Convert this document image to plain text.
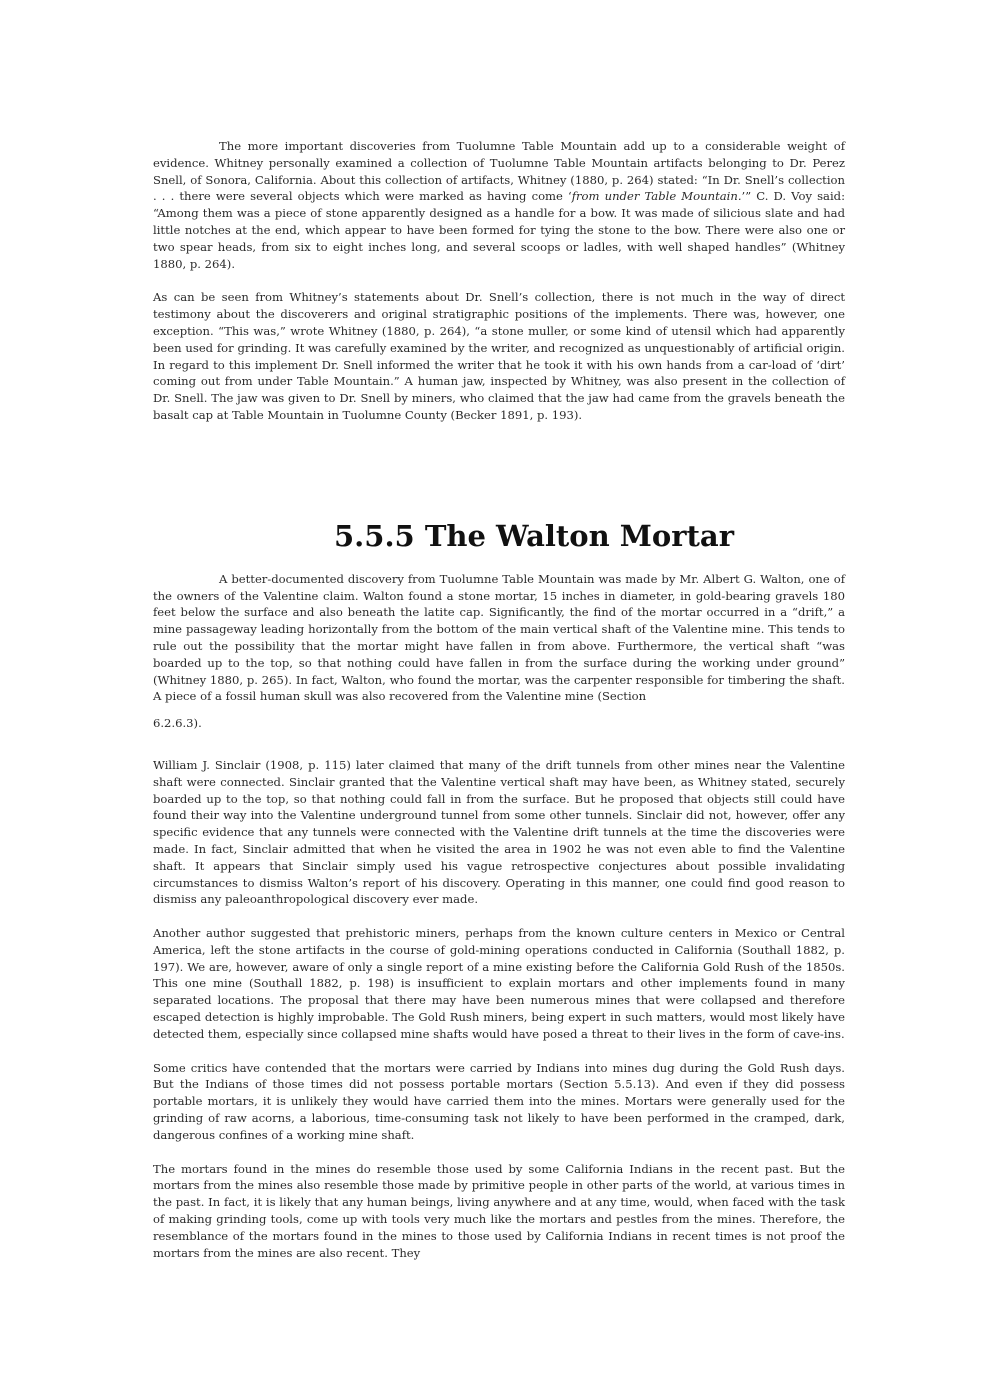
The more important discoveries from Tuolumne Table Mountain add up to a considerable weight of evidence. Whitney personally examined a collection of Tuolumne Table Mountain artifacts belonging to Dr. Perez Snell, of Sonora, California. About this collection of artifacts, Whitney (1880, p. 264) stated: “In Dr. Snell’s collection . . . there were several objects which were marked as having come ‘from under Table Mountain.’” C. D. Voy said: “Among them was a piece of stone apparently designed as a handle for a bow. It was made of silicious slate and had little notches at the end, which appear to have been formed for tying the stone to the bow. There were also one or two spear heads, from six to eight inches long, and several scoops or ladles, with well shaped handles” (Whitney 1880, p. 264).

As can be seen from Whitney’s statements about Dr. Snell’s collection, there is not much in the way of direct testimony about the discoverers and original stratigraphic positions of the implements. There was, however, one exception. “This was,” wrote Whitney (1880, p. 264), “a stone muller, or some kind of utensil which had apparently been used for grinding. It was carefully examined by the writer, and recognized as unquestionably of artificial origin. In regard to this implement Dr. Snell informed the writer that he took it with his own hands from a car-load of ‘dirt’ coming out from under Table Mountain.” A human jaw, inspected by Whitney, was also present in the collection of Dr. Snell. The jaw was given to Dr. Snell by miners, who claimed that the jaw had came from the gravels beneath the basalt cap at Table Mountain in Tuolumne County (Becker 1891, p. 193).

5.5.5 The Walton Mortar

A better-documented discovery from Tuolumne Table Mountain was made by Mr. Albert G. Walton, one of the owners of the Valentine claim. Walton found a stone mortar, 15 inches in diameter, in gold-bearing gravels 180 feet below the surface and also beneath the latite cap. Significantly, the find of the mortar occurred in a “drift,” a mine passageway leading horizontally from the bottom of the main vertical shaft of the Valentine mine. This tends to rule out the possibility that the mortar might have fallen in from above. Furthermore, the vertical shaft “was boarded up to the top, so that nothing could have fallen in from the surface during the working under ground” (Whitney 1880, p. 265). In fact, Walton, who found the mortar, was the carpenter responsible for timbering the shaft. A piece of a fossil human skull was also recovered from the Valentine mine (Section

6.2.6.3).

William J. Sinclair (1908, p. 115) later claimed that many of the drift tunnels from other mines near the Valentine shaft were connected. Sinclair granted that the Valentine vertical shaft may have been, as Whitney stated, securely boarded up to the top, so that nothing could fall in from the surface. But he proposed that objects still could have found their way into the Valentine underground tunnel from some other tunnels. Sinclair did not, however, offer any specific evidence that any tunnels were connected with the Valentine drift tunnels at the time the discoveries were made. In fact, Sinclair admitted that when he visited the area in 1902 he was not even able to find the Valentine shaft. It appears that Sinclair simply used his vague retrospective conjectures about possible invalidating circumstances to dismiss Walton’s report of his discovery. Operating in this manner, one could find good reason to dismiss any paleoanthropological discovery ever made.

Another author suggested that prehistoric miners, perhaps from the known culture centers in Mexico or Central America, left the stone artifacts in the course of gold-mining operations conducted in California (Southall 1882, p. 197). We are, however, aware of only a single report of a mine existing before the California Gold Rush of the 1850s. This one mine (Southall 1882, p. 198) is insufficient to explain mortars and other implements found in many separated locations. The proposal that there may have been numerous mines that were collapsed and therefore escaped detection is highly improbable. The Gold Rush miners, being expert in such matters, would most likely have detected them, especially since collapsed mine shafts would have posed a threat to their lives in the form of cave-ins.

Some critics have contended that the mortars were carried by Indians into mines dug during the Gold Rush days. But the Indians of those times did not possess portable mortars (Section 5.5.13). And even if they did possess portable mortars, it is unlikely they would have carried them into the mines. Mortars were generally used for the grinding of raw acorns, a laborious, time-consuming task not likely to have been performed in the cramped, dark, dangerous confines of a working mine shaft.

The mortars found in the mines do resemble those used by some California Indians in the recent past. But the mortars from the mines also resemble those made by primitive people in other parts of the world, at various times in the past. In fact, it is likely that any human beings, living anywhere and at any time, would, when faced with the task of making grinding tools, come up with tools very much like the mortars and pestles from the mines. Therefore, the resemblance of the mortars found in the mines to those used by California Indians in recent times is not proof the mortars from the mines are also recent. They
